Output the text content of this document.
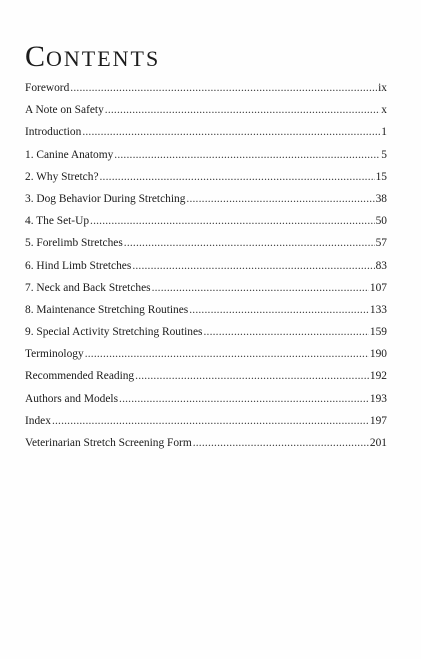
CONTENTS
Foreword .....	ix
A Note on Safety .....	x
Introduction .....	1
1. Canine Anatomy .....	5
2. Why Stretch? .....	15
3. Dog Behavior During Stretching .....	38
4. The Set-Up .....	50
5. Forelimb Stretches .....	57
6. Hind Limb Stretches .....	83
7. Neck and Back Stretches .....	107
8. Maintenance Stretching Routines .....	133
9. Special Activity Stretching Routines .....	159
Terminology .....	190
Recommended Reading .....	192
Authors and Models .....	193
Index .....	197
Veterinarian Stretch Screening Form .....	201
